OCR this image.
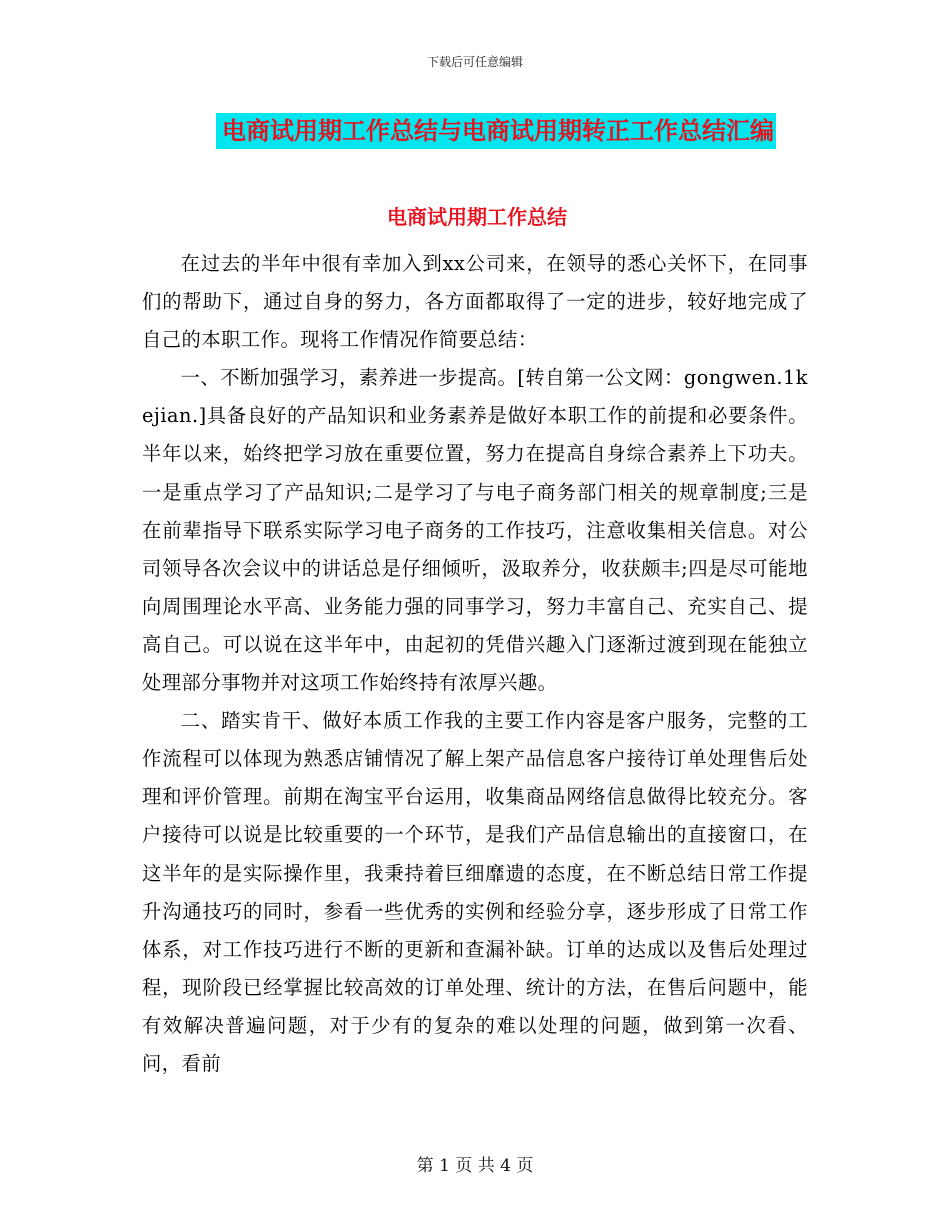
下载后可任意编辑
电商试用期工作总结与电商试用期转正工作总结汇编
电商试用期工作总结

在过去的半年中很有幸加入到xx公司来，在领导的悉心关怀下，在同事们的帮助下，通过自身的努力，各方面都取得了一定的进步，较好地完成了自己的本职工作。现将工作情况作简要总结：

一、不断加强学习，素养进一步提高。[转自第一公文网：gongwen.1kejian.]具备良好的产品知识和业务素养是做好本职工作的前提和必要条件。半年以来，始终把学习放在重要位置，努力在提高自身综合素养上下功夫。一是重点学习了产品知识;二是学习了与电子商务部门相关的规章制度;三是在前辈指导下联系实际学习电子商务的工作技巧，注意收集相关信息。对公司领导各次会议中的讲话总是仔细倾听，汲取养分，收获颇丰;四是尽可能地向周围理论水平高、业务能力强的同事学习，努力丰富自己、充实自己、提高自己。可以说在这半年中，由起初的凭借兴趣入门逐渐过渡到现在能独立处理部分事物并对这项工作始终持有浓厚兴趣。

二、踏实肯干、做好本质工作我的主要工作内容是客户服务，完整的工作流程可以体现为熟悉店铺情况了解上架产品信息客户接待订单处理售后处理和评价管理。前期在淘宝平台运用，收集商品网络信息做得比较充分。客户接待可以说是比较重要的一个环节，是我们产品信息输出的直接窗口，在这半年的是实际操作里，我秉持着巨细靡遗的态度，在不断总结日常工作提升沟通技巧的同时，参看一些优秀的实例和经验分享，逐步形成了日常工作体系，对工作技巧进行不断的更新和查漏补缺。订单的达成以及售后处理过程，现阶段已经掌握比较高效的订单处理、统计的方法，在售后问题中，能有效解决普遍问题，对于少有的复杂的难以处理的问题，做到第一次看、问，看前

第 1 页 共 4 页
